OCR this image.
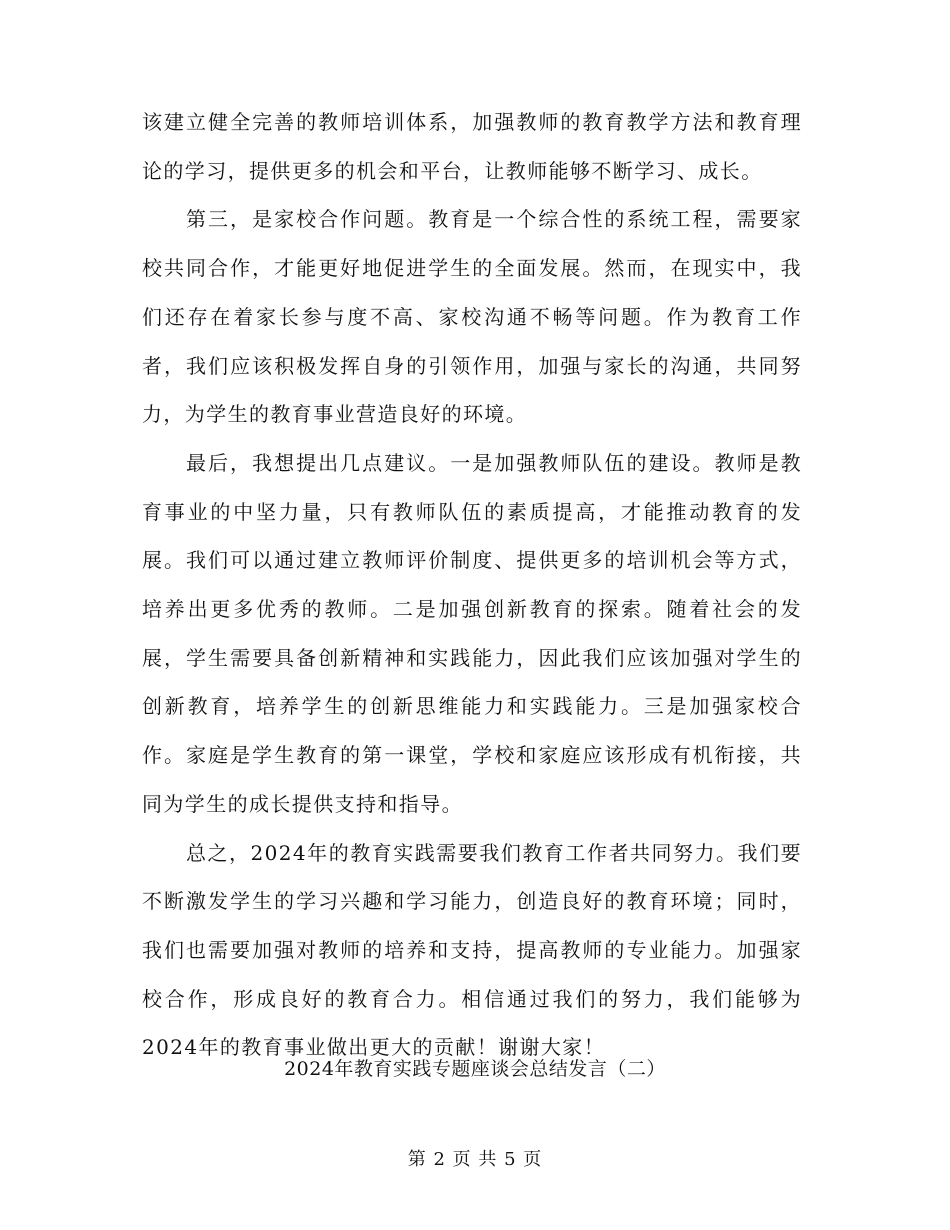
该建立健全完善的教师培训体系，加强教师的教育教学方法和教育理论的学习，提供更多的机会和平台，让教师能够不断学习、成长。

第三，是家校合作问题。教育是一个综合性的系统工程，需要家校共同合作，才能更好地促进学生的全面发展。然而，在现实中，我们还存在着家长参与度不高、家校沟通不畅等问题。作为教育工作者，我们应该积极发挥自身的引领作用，加强与家长的沟通，共同努力，为学生的教育事业营造良好的环境。

最后，我想提出几点建议。一是加强教师队伍的建设。教师是教育事业的中坚力量，只有教师队伍的素质提高，才能推动教育的发展。我们可以通过建立教师评价制度、提供更多的培训机会等方式，培养出更多优秀的教师。二是加强创新教育的探索。随着社会的发展，学生需要具备创新精神和实践能力，因此我们应该加强对学生的创新教育，培养学生的创新思维能力和实践能力。三是加强家校合作。家庭是学生教育的第一课堂，学校和家庭应该形成有机衔接，共同为学生的成长提供支持和指导。

总之，2024年的教育实践需要我们教育工作者共同努力。我们要不断激发学生的学习兴趣和学习能力，创造良好的教育环境；同时，我们也需要加强对教师的培养和支持，提高教师的专业能力。加强家校合作，形成良好的教育合力。相信通过我们的努力，我们能够为2024年的教育事业做出更大的贡献！谢谢大家！

2024年教育实践专题座谈会总结发言（二）
第 2 页 共 5 页
